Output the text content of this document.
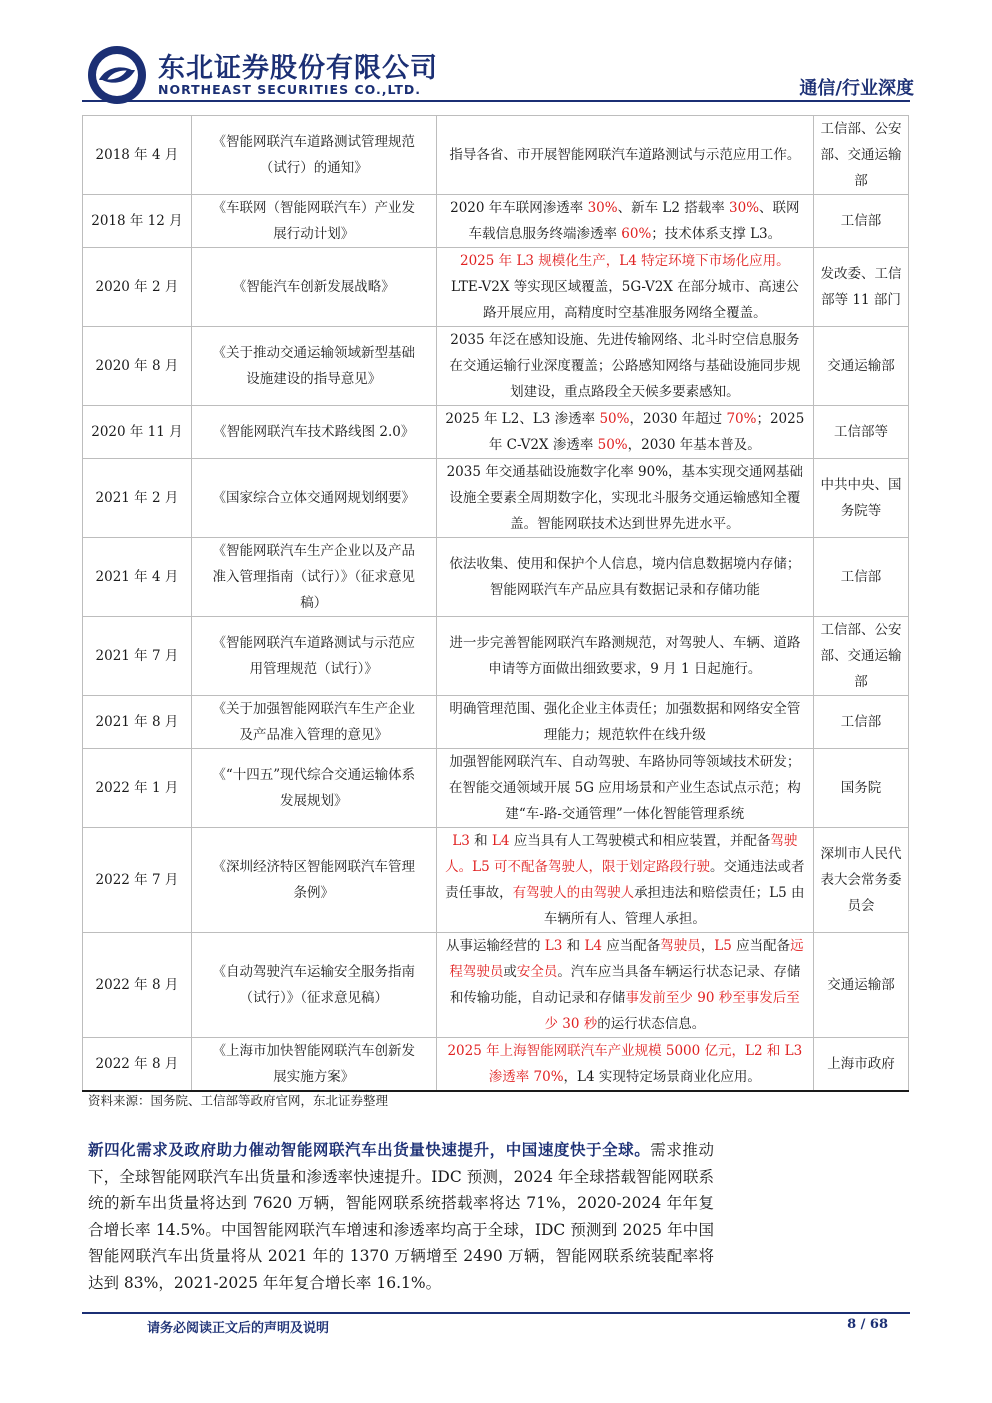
东北证券股份有限公司
NORTHEAST SECURITIES CO.,LTD.	通信/行业深度
2018 年 4 月	《智能网联汽车道路测试管理规范（试行）的通知》	指导各省、市开展智能网联汽车道路测试与示范应用工作。	工信部、公安部、交通运输部
2018 年 12 月	《车联网（智能网联汽车）产业发展行动计划》	2020 年车联网渗透率 30%、新车 L2 搭载率 30%、联网车载信息服务终端渗透率 60%；技术体系支撑 L3。	工信部
2020 年 2 月	《智能汽车创新发展战略》	2025 年 L3 规模化生产，L4 特定环境下市场化应用。LTE-V2X 等实现区域覆盖，5G-V2X 在部分城市、高速公路开展应用，高精度时空基准服务网络全覆盖。	发改委、工信部等 11 部门
2020 年 8 月	《关于推动交通运输领域新型基础设施建设的指导意见》	2035 年泛在感知设施、先进传输网络、北斗时空信息服务在交通运输行业深度覆盖；公路感知网络与基础设施同步规划建设，重点路段全天候多要素感知。	交通运输部
2020 年 11 月	《智能网联汽车技术路线图 2.0》	2025 年 L2、L3 渗透率 50%，2030 年超过 70%；2025 年 C-V2X 渗透率 50%，2030 年基本普及。	工信部等
2021 年 2 月	《国家综合立体交通网规划纲要》	2035 年交通基础设施数字化率 90%，基本实现交通网基础设施全要素全周期数字化，实现北斗服务交通运输感知全覆盖。智能网联技术达到世界先进水平。	中共中央、国务院等
2021 年 4 月	《智能网联汽车生产企业以及产品准入管理指南（试行）》（征求意见稿）	依法收集、使用和保护个人信息，境内信息数据境内存储；智能网联汽车产品应具有数据记录和存储功能	工信部
2021 年 7 月	《智能网联汽车道路测试与示范应用管理规范（试行）》	进一步完善智能网联汽车路测规范，对驾驶人、车辆、道路申请等方面做出细致要求，9 月 1 日起施行。	工信部、公安部、交通运输部
2021 年 8 月	《关于加强智能网联汽车生产企业及产品准入管理的意见》	明确管理范围、强化企业主体责任；加强数据和网络安全管理能力；规范软件在线升级	工信部
2022 年 1 月	《“十四五”现代综合交通运输体系发展规划》	加强智能网联汽车、自动驾驶、车路协同等领域技术研发；在智能交通领域开展 5G 应用场景和产业生态试点示范；构建“车-路-交通管理”一体化智能管理系统	国务院
2022 年 7 月	《深圳经济特区智能网联汽车管理条例》	L3 和 L4 应当具有人工驾驶模式和相应装置，并配备驾驶人。L5 可不配备驾驶人，限于划定路段行驶。交通违法或者责任事故，有驾驶人的由驾驶人承担违法和赔偿责任；L5 由车辆所有人、管理人承担。	深圳市人民代表大会常务委员会
2022 年 8 月	《自动驾驶汽车运输安全服务指南（试行）》（征求意见稿）	从事运输经营的 L3 和 L4 应当配备驾驶员，L5 应当配备远程驾驶员或安全员。汽车应当具备车辆运行状态记录、存储和传输功能，自动记录和存储事发前至少 90 秒至事发后至少 30 秒的运行状态信息。	交通运输部
2022 年 8 月	《上海市加快智能网联汽车创新发展实施方案》	2025 年上海智能网联汽车产业规模 5000 亿元，L2 和 L3 渗透率 70%，L4 实现特定场景商业化应用。	上海市政府
资料来源：国务院、工信部等政府官网，东北证券整理

新四化需求及政府助力催动智能网联汽车出货量快速提升，中国速度快于全球。需求推动下，全球智能网联汽车出货量和渗透率快速提升。IDC 预测，2024 年全球搭载智能网联系统的新车出货量将达到 7620 万辆，智能网联系统搭载率将达 71%，2020-2024 年年复合增长率 14.5%。中国智能网联汽车增速和渗透率均高于全球，IDC 预测到 2025 年中国智能网联汽车出货量将从 2021 年的 1370 万辆增至 2490 万辆，智能网联系统装配率将达到 83%，2021-2025 年年复合增长率 16.1%。

请务必阅读正文后的声明及说明	8 / 68
